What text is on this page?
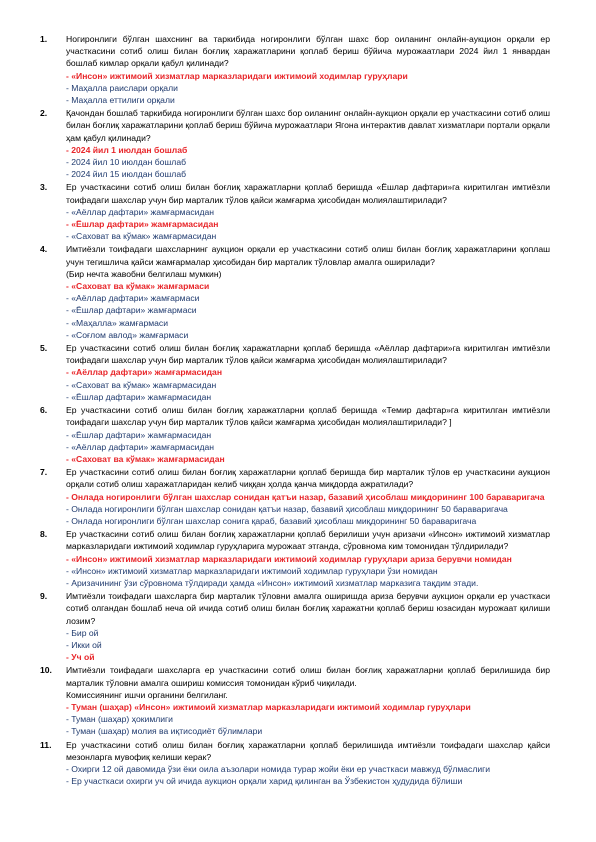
1.	Ногиронлиги бўлган шахснинг ва таркибида ногиронлиги бўлган шахс бор оиланинг онлайн-аукцион орқали ер участкасини сотиб олиш билан боғлиқ харажатларини қоплаб бериш бўйича мурожаатлари 2024 йил 1 январдан бошлаб кимлар орқали қабул қилинади?
- «Инсон» ижтимоий хизматлар марказларидаги ижтимоий ходимлар гуруҳлари
- Маҳалла раислари орқали
- Маҳалла еттилиги орқали
2.	Қачондан бошлаб таркибида ногиронлиги бўлган шахс бор оиланинг онлайн-аукцион орқали ер участкасини сотиб олиш билан боғлиқ харажатларини қоплаб бериш бўйича мурожаатлари Ягона интерактив давлат хизматлари портали орқали ҳам қабул қилинади?
- 2024 йил 1 июлдан бошлаб
- 2024 йил 10 июлдан бошлаб
- 2024 йил 15 июлдан бошлаб
3.	Ер участкасини сотиб олиш билан боғлиқ харажатларни қоплаб беришда «Ёшлар дафтари»га киритилган имтиёзли тоифадаги шахслар учун бир марталик тўлов қайси жамғарма ҳисобидан молиялаштирилади?
- «Аёллар дафтари» жамғармасидан
- «Ёшлар дафтари» жамғармасидан
- «Саховат ва кўмак» жамғармасидан
4.	Имтиёзли тоифадаги шахсларнинг аукцион орқали ер участкасини сотиб олиш билан боғлиқ харажатларини қоплаш учун тегишлича қайси жамғармалар ҳисобидан бир марталик тўловлар амалга оширилади?
(Бир нечта жавобни белгилаш мумкин)
- «Саховат ва кўмак» жамғармаси
- «Аёллар дафтари» жамғармаси
- «Ёшлар дафтари» жамғармаси
- «Маҳалла» жамғармаси
- «Соғлом авлод» жамғармаси
5.	Ер участкасини сотиб олиш билан боғлиқ харажатларни қоплаб беришда «Аёллар дафтари»га киритилган имтиёзли тоифадаги шахслар учун бир марталик тўлов қайси жамғарма ҳисобидан молиялаштирилади?
- «Аёллар дафтари» жамғармасидан
- «Саховат ва кўмак» жамғармасидан
- «Ёшлар дафтари» жамғармасидан
6.	Ер участкасини сотиб олиш билан боғлиқ харажатларни қоплаб беришда «Темир дафтар»га киритилган имтиёзли тоифадаги шахслар учун бир марталик тўлов қайси жамғарма ҳисобидан молиялаштирилади? ]
- «Ёшлар дафтари» жамғармасидан
- «Аёллар дафтари» жамғармасидан
- «Саховат ва кўмак» жамғармасидан
7.	Ер участкасини сотиб олиш билан боғлиқ харажатларни қоплаб беришда бир марталик тўлов ер участкасини аукцион орқали сотиб олиш харажатларидан келиб чиққан ҳолда қанча миқдорда ажратилади?
- Онлада ногиронлиги бўлган шахслар сонидан қатъи назар, базавий ҳисоблаш миқдорининг 100 бараваригача
- Онлада ногиронлиги бўлган шахслар сонидан қатъи назар, базавий ҳисоблаш миқдорининг 50 бараваригача
- Онлада ногиронлиги бўлган шахслар сонига қараб, базавий ҳисоблаш миқдорининг 50 бараваригача
8.	Ер участкасини сотиб олиш билан боғлиқ харажатларни қоплаб берилиши учун аризачи «Инсон» ижтимоий хизматлар марказларидаги ижтимоий ходимлар гуруҳларига мурожаат этганда, сўровнома ким томонидан тўлдирилади?
- «Инсон» ижтимоий хизматлар марказларидаги ижтимоий ходимлар гуруҳлари ариза берувчи номидан
- «Инсон» ижтимоий хизматлар марказларидаги ижтимоий ходимлар гуруҳлари ўзи номидан
- Аризачининг ўзи сўровнома тўлдиради ҳамда «Инсон» ижтимоий хизматлар марказига тақдим этади.
9.	Имтиёзли тоифадаги шахсларга бир марталик тўловни амалга оширишда ариза берувчи аукцион орқали ер участкаси сотиб олгандан бошлаб неча ой ичида сотиб олиш билан боғлиқ харажатни қоплаб бериш юзасидан мурожаат қилиши лозим?
- Бир ой
- Икки ой
- Уч ой
10.	Имтиёзли тоифадаги шахсларга ер участкасини сотиб олиш билан боғлиқ харажатларни қоплаб берилишида бир марталик тўловни амалга ошириш комиссия томонидан кўриб чиқилади.
Комиссиянинг ишчи органини белгиланг.
- Туман (шаҳар) «Инсон» ижтимоий хизматлар марказларидаги ижтимоий ходимлар гуруҳлари
- Туман (шаҳар) ҳокимлиги
- Туман (шаҳар) молия ва иқтисодиёт бўлимлари
11.	Ер участкасини сотиб олиш билан боғлиқ харажатларни қоплаб берилишида имтиёзли тоифадаги шахслар қайси мезонларга мувофиқ келиши керак?
- Охирги 12 ой давомида ўзи ёки оила аъзолари номида турар жойи ёки ер участкаси мавжуд бўлмаслиги
- Ер участкаси охирги уч ой ичида аукцион орқали харид қилинган ва Ўзбекистон ҳудудида бўлиши
